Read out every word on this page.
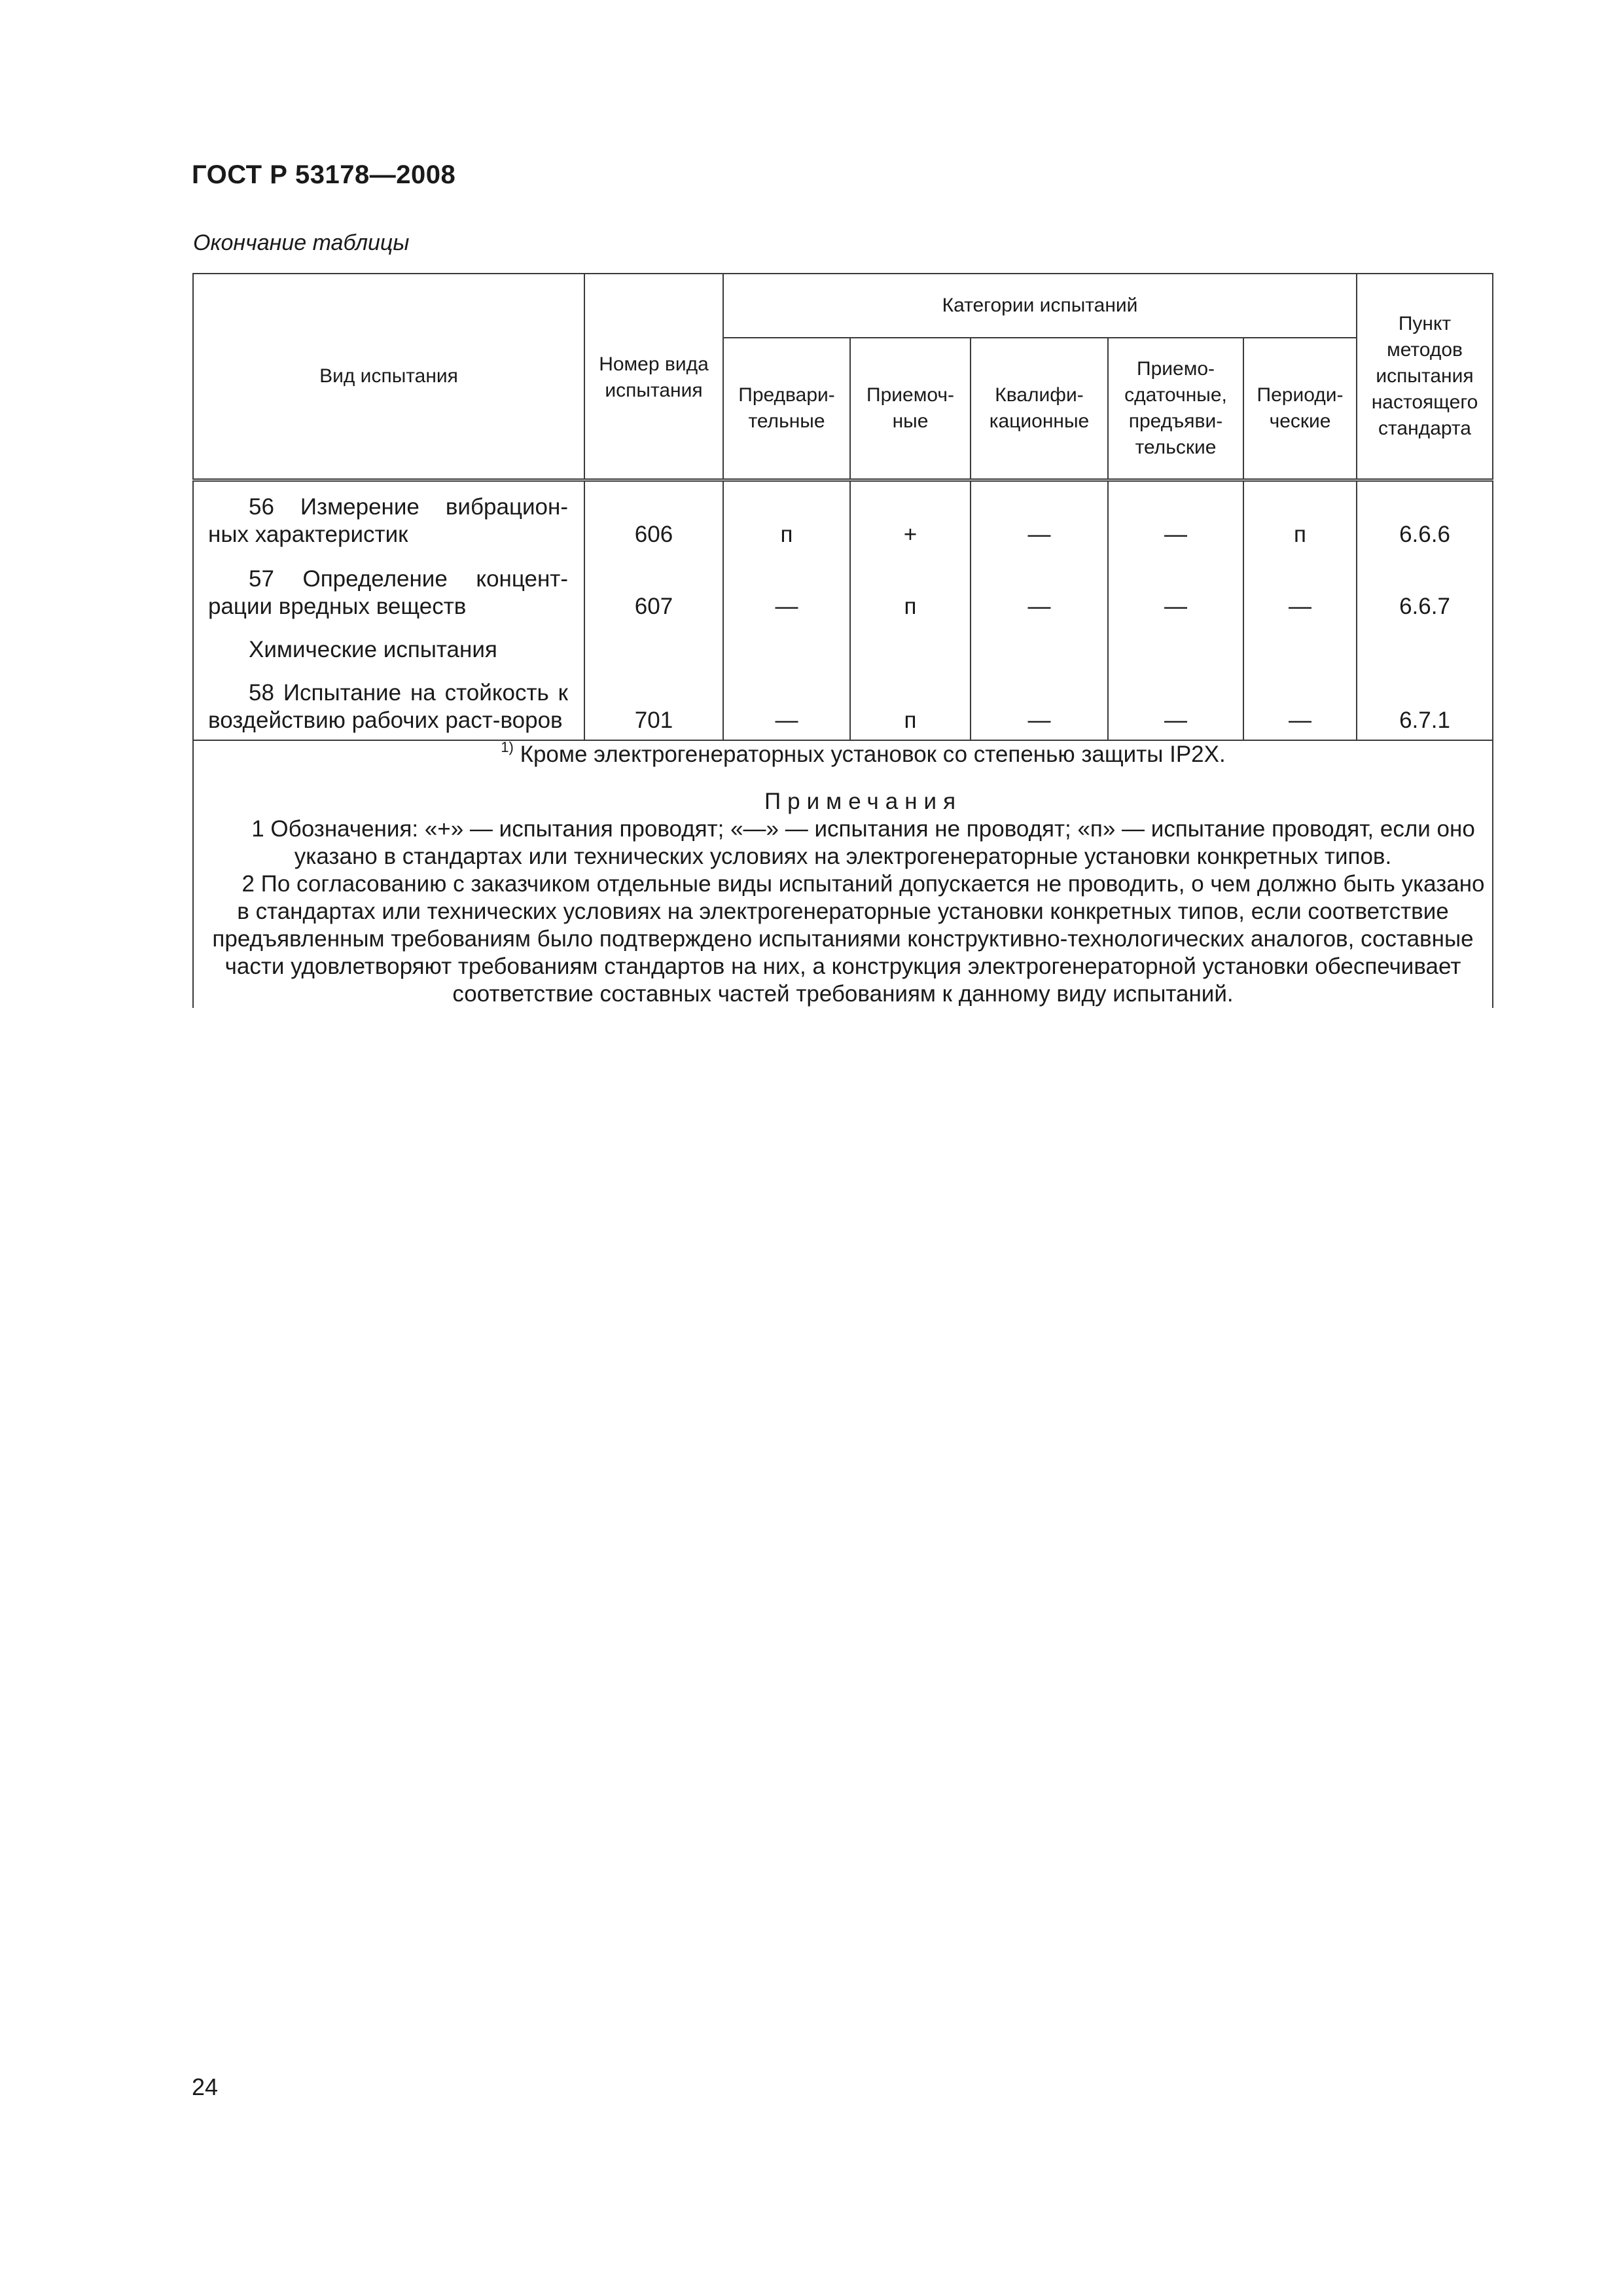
ГОСТ Р 53178—2008
Окончание таблицы
Вид испытания	Номер вида испытания	Категории испытаний					Пункт методов испытания настоящего стандарта
		Предвари-тельные	Приемоч-ные	Квалифи-кационные	Приемо-сдаточные, предъяви-тельские	Периоди-ческие	

56 Измерение вибрацион-ных характеристик	606	п	+	—	—	п	6.6.6

57 Определение концент-рации вредных веществ	607	—	п	—	—	—	6.6.7

Химические испытания							

58 Испытание на стойкость к воздействию рабочих раст-воров	701	—	п	—	—	—	6.7.1

$^{1)}$ Кроме электрогенераторных установок со степенью защиты IP2X.

Примечания

1 Обозначения: «+» — испытания проводят; «—» — испытания не проводят; «п» — испытание проводят, если оно указано в стандартах или технических условиях на электрогенераторные установки конкретных типов.

2 По согласованию с заказчиком отдельные виды испытаний допускается не проводить, о чем должно быть указано в стандартах или технических условиях на электрогенераторные установки конкретных типов, если соответствие предъявленным требованиям было подтверждено испытаниями конструктивно-технологических аналогов, составные части удовлетворяют требованиям стандартов на них, а конструкция электрогенераторной установки обеспечивает соответствие составных частей требованиям к данному виду испытаний.							

24
